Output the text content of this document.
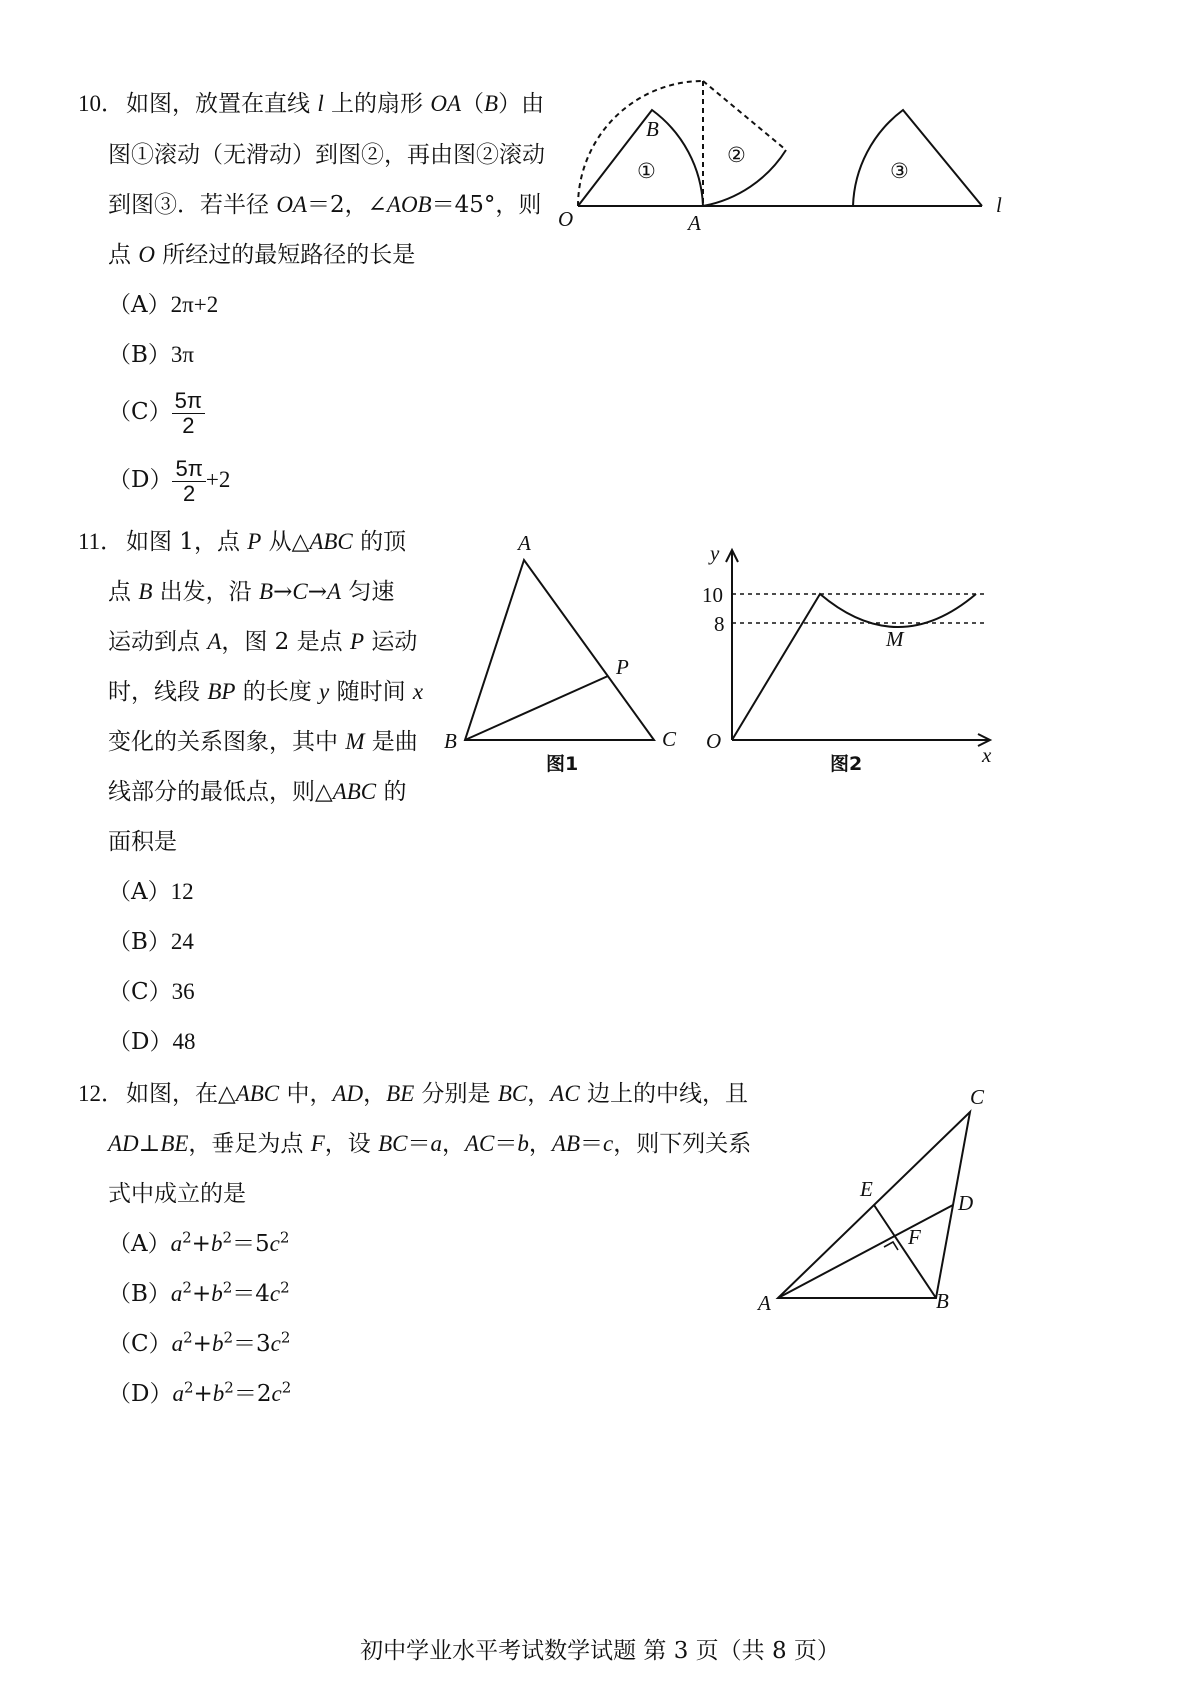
10． 如图，放置在直线 l 上的扇形 OA（B）由
图①滚动（无滑动）到图②，再由图②滚动
到图③．若半径 OA＝2，∠AOB＝45°，则
点 O 所经过的最短路径的长是
（A）2π+2
（B）3π
$(C) \frac{5\pi}{2}$
$(D) \frac{5\pi}{2} +2$
O	A
B
l
①
②
③
11． 如图 1，点 P 从△ABC 的顶
点 B 出发，沿 B→C→A 匀速
运动到点 A，图 2 是点 P 运动
时，线段 BP 的长度 y 随时间 x
变化的关系图象，其中 M 是曲
线部分的最低点，则△ABC 的
面积是
（A）12
（B）24
（C）36
（D）48
A
B	C
P
图1
y
x
O
M
10
8
图2
12． 如图，在△ABC 中，AD，BE 分别是 BC，AC 边上的中线，且
AD⊥BE，垂足为点 F，设 BC＝a，AC＝b，AB＝c，则下列关系
式中成立的是
$(A)a^2+b^2=5c^2$
$(B)a^2+b^2=4c^2$
$(C)a^2+b^2=3c^2$
$(D)a^2+b^2=2c^2$
A	B
C
D
E
F
初中学业水平考试数学试题 第 3 页（共 8 页）
